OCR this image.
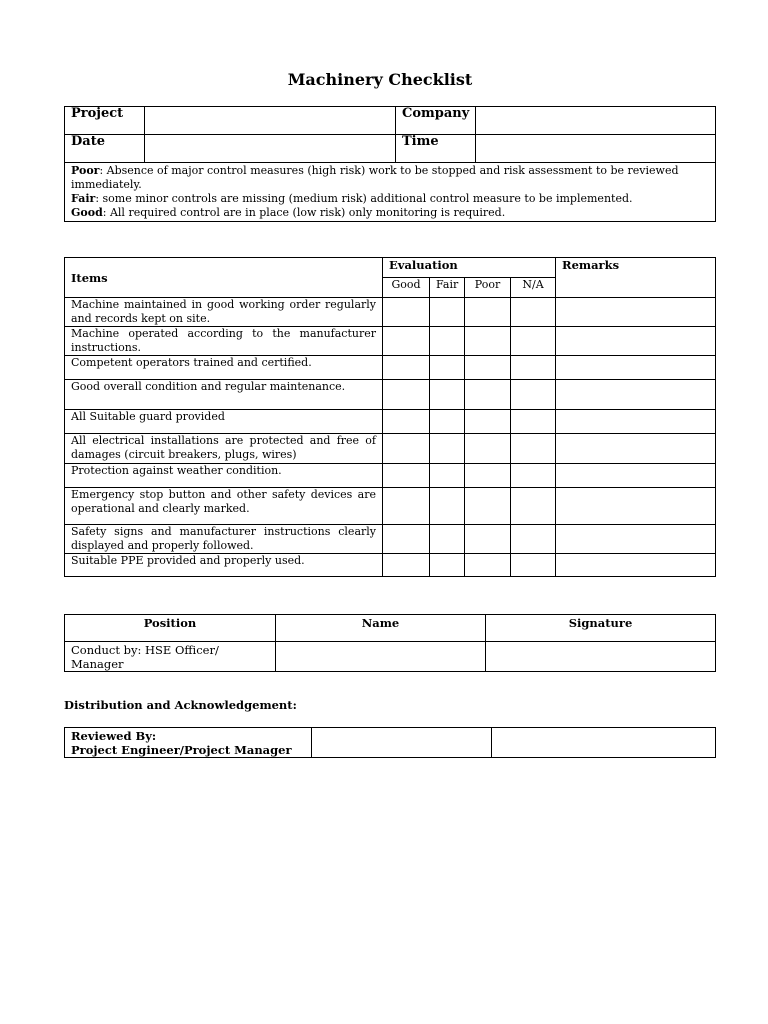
Machinery Checklist
Project		Company	
Date		Time	

Poor: Absence of major control measures (high risk) work to be stopped and risk assessment to be reviewed immediately.
Fair: some minor controls are missing (medium risk) additional control measure to be implemented.
Good: All required control are in place (low risk) only monitoring is required.			
Items	Evaluation				Remarks
	Good	Fair	Poor	N/A	
Machine maintained in good working order regularly and records kept on site.					
Machine operated according to the manufacturer instructions.					
Competent operators trained and certified.					
Good overall condition and regular maintenance.					
All Suitable guard provided					
All electrical installations are protected and free of damages (circuit breakers, plugs, wires)					
Protection against weather condition.					
Emergency stop button and other safety devices are operational and clearly marked.					
Safety signs and manufacturer instructions clearly displayed and properly followed.					
Suitable PPE provided and properly used.					
Position	Name	Signature
Conduct by: HSE Officer/ Manager		
Distribution and Acknowledgement:
Reviewed By:
Project Engineer/Project Manager
